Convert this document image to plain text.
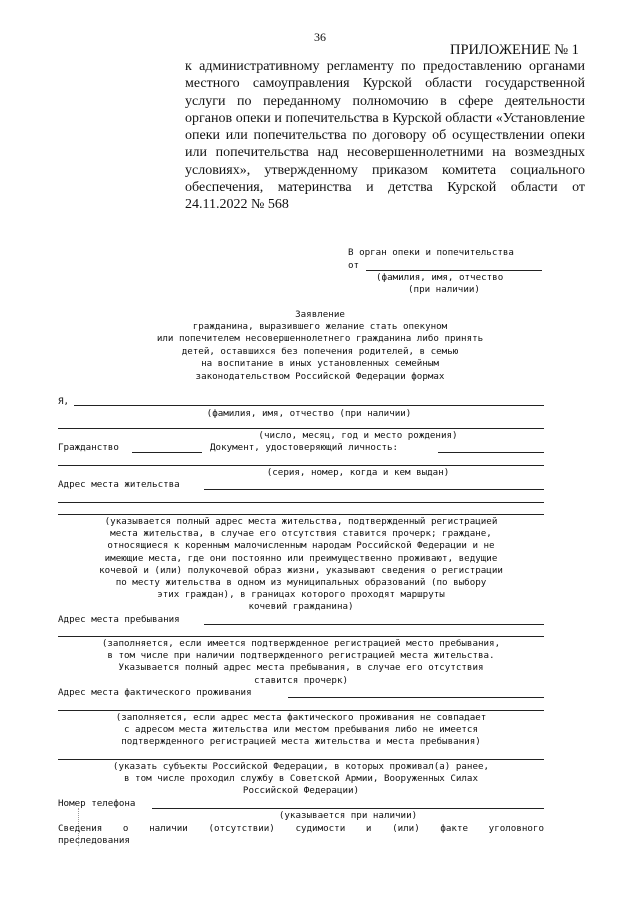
36
ПРИЛОЖЕНИЕ № 1
к административному регламенту по предоставлению органами местного самоуправления Курской области государственной услуги по переданному полномочию в сфере деятельности органов опеки и попечительства в Курской области «Установление опеки или попечительства по договору об осуществлении опеки или попечительства над несовершеннолетними на возмездных условиях», утвержденному приказом комитета социального обеспечения, материнства и детства Курской области от 24.11.2022 № 568
В орган опеки и попечительства
от
(фамилия, имя, отчество
(при наличии)
Заявление
гражданина, выразившего желание стать опекуном
или попечителем несовершеннолетнего гражданина либо принять
детей, оставшихся без попечения родителей, в семью
на воспитание в иных установленных семейным
законодательством Российской Федерации формах
Я,
(фамилия, имя, отчество (при наличии)
(число, месяц, год и место рождения)
Гражданство	Документ, удостоверяющий личность:
(серия, номер, когда и кем выдан)
Адрес места жительства
(указывается полный адрес места жительства, подтвержденный регистрацией
места жительства, в случае его отсутствия ставится прочерк; граждане,
относящиеся к коренным малочисленным народам Российской Федерации и не
имеющие места, где они постоянно или преимущественно проживают, ведущие
кочевой и (или) полукочевой образ жизни, указывают сведения о регистрации
по месту жительства в одном из муниципальных образований (по выбору
этих граждан), в границах которого проходят маршруты
кочевий гражданина)
Адрес места пребывания
(заполняется, если имеется подтвержденное регистрацией место пребывания,
в том числе при наличии подтвержденного регистрацией места жительства.
Указывается полный адрес места пребывания, в случае его отсутствия
ставится прочерк)
Адрес места фактического проживания
(заполняется, если адрес места фактического проживания не совпадает
с адресом места жительства или местом пребывания либо не имеется
подтвержденного регистрацией места жительства и места пребывания)
(указать субъекты Российской Федерации, в которых проживал(а) ранее,
в том числе проходил службу в Советской Армии, Вооруженных Силах
Российской Федерации)
Номер телефона
(указывается при наличии)
Сведения о наличии (отсутствии) судимости и (или) факте уголовного
преследования
